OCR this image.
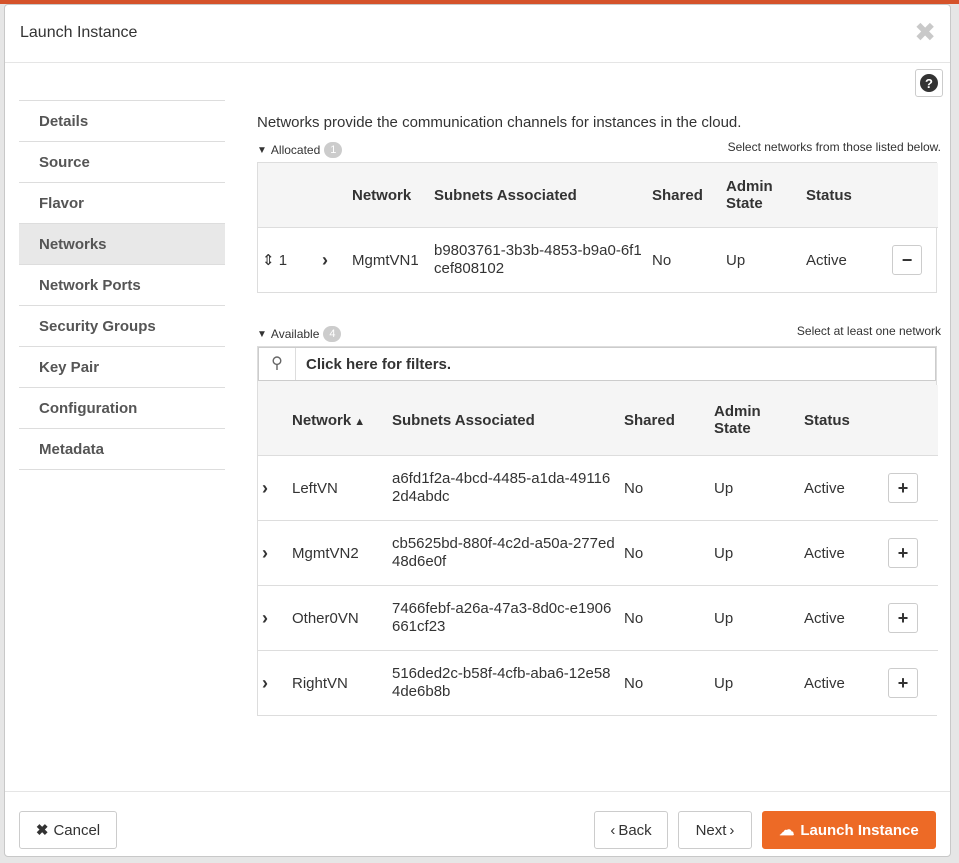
Launch Instance	✖
?
Details
Source
Flavor
Networks
Network Ports
Security Groups
Key Pair
Configuration
Metadata
Networks provide the communication channels for instances in the cloud.
▼ Allocated 1	Select networks from those listed below.
		Network	Subnets Associated	Shared	Admin State	Status	
⇕ 1	›	MgmtVN1	b9803761-3b3b-4853-b9a0-6f1cef808102	No	Up	Active	−
▼ Available 4	Select at least one network
⚲	Click here for filters.
	Network ▲	Subnets Associated	Shared	Admin State	Status	
›	LeftVN	a6fd1f2a-4bcd-4485-a1da-491162d4abdc	No	Up	Active	+

›	MgmtVN2	cb5625bd-880f-4c2d-a50a-277ed48d6e0f	No	Up	Active	+

›	Other0VN	7466febf-a26a-47a3-8d0c-e1906661cf23	No	Up	Active	+

›	RightVN	516ded2c-b58f-4cfb-aba6-12e584de6b8b	No	Up	Active	+
✖ Cancel	‹ Back	Next ›	☁ Launch Instance
